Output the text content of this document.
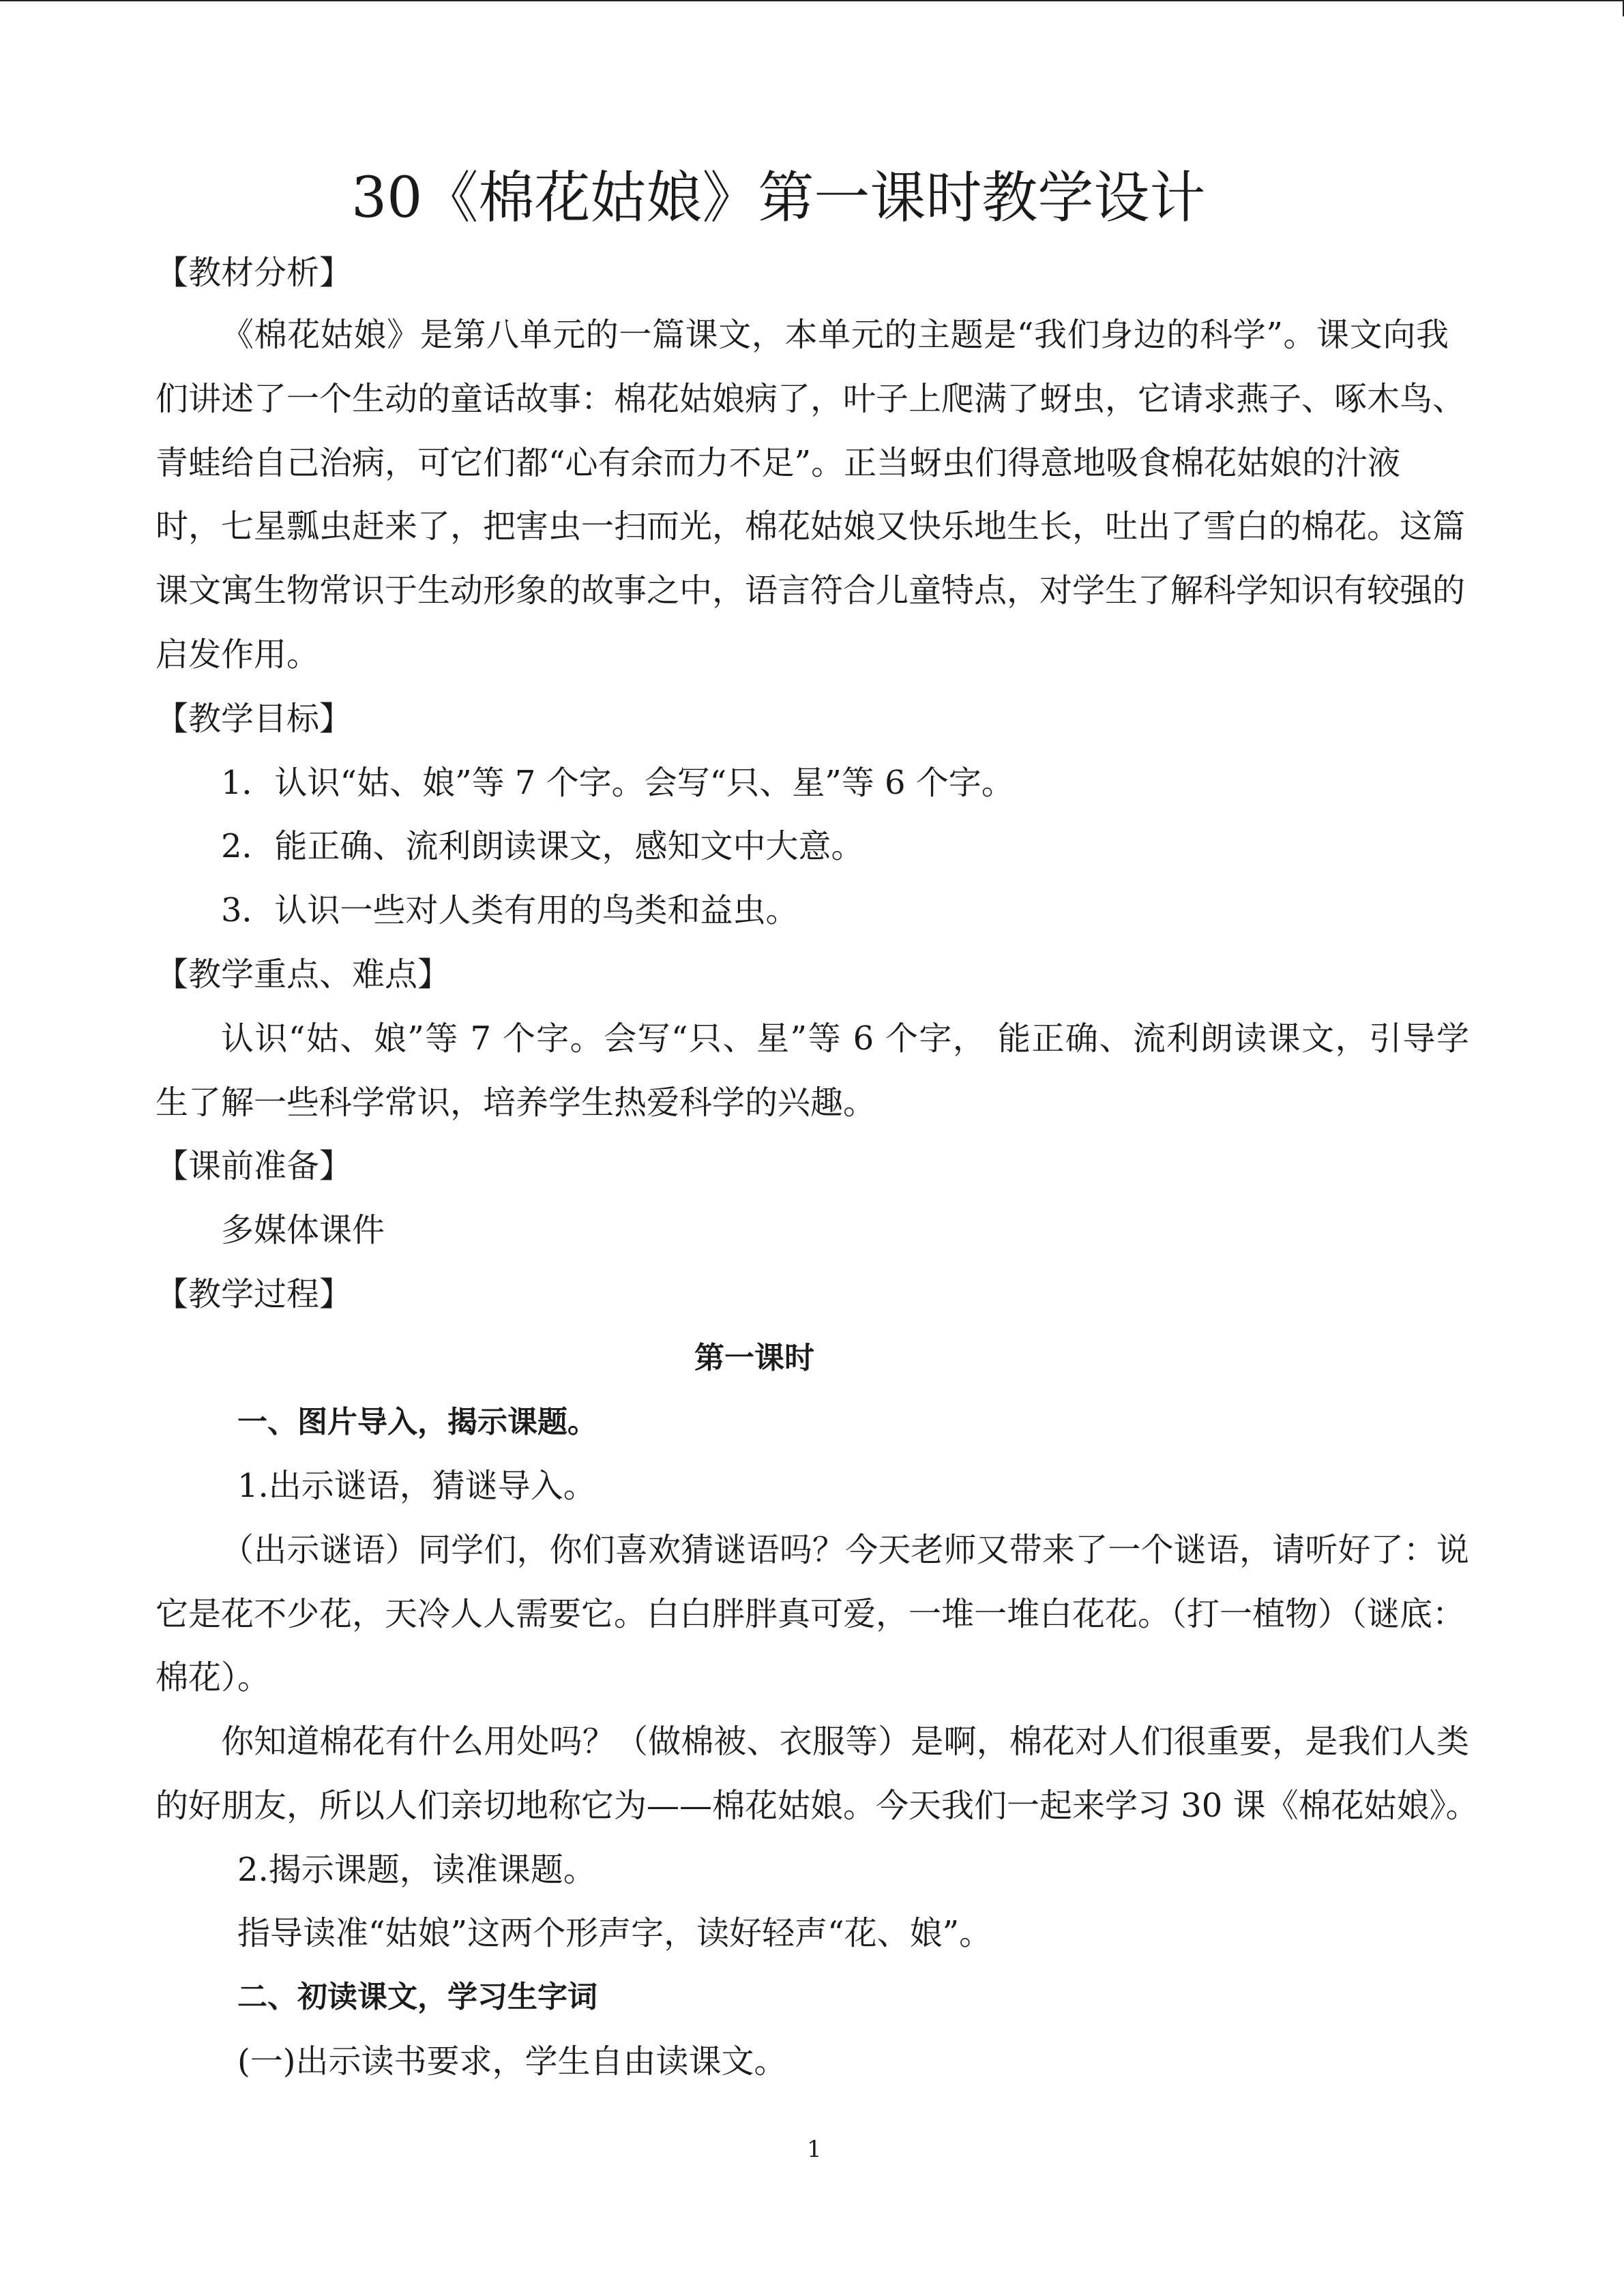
30《棉花姑娘》第一课时教学设计
【教材分析】
《棉花姑娘》是第八单元的一篇课文，本单元的主题是“我们身边的科学”。课文向我
们讲述了一个生动的童话故事：棉花姑娘病了，叶子上爬满了蚜虫，它请求燕子、啄木鸟、
青蛙给自己治病，可它们都“心有余而力不足”。正当蚜虫们得意地吸食棉花姑娘的汁液
时，七星瓢虫赶来了，把害虫一扫而光，棉花姑娘又快乐地生长，吐出了雪白的棉花。这篇
课文寓生物常识于生动形象的故事之中，语言符合儿童特点，对学生了解科学知识有较强的
启发作用。
【教学目标】
1．认识“姑、娘”等 7 个字。会写“只、星”等 6 个字。
2．能正确、流利朗读课文，感知文中大意。
3．认识一些对人类有用的鸟类和益虫。
【教学重点、难点】
认识“姑、娘”等 7 个字。会写“只、星”等 6 个字， 能正确、流利朗读课文，引导学
生了解一些科学常识，培养学生热爱科学的兴趣。
【课前准备】
多媒体课件
【教学过程】
第一课时
一、图片导入，揭示课题。
1.出示谜语，猜谜导入。
（出示谜语）同学们，你们喜欢猜谜语吗？今天老师又带来了一个谜语，请听好了：说
它是花不少花，天冷人人需要它。白白胖胖真可爱，一堆一堆白花花。（打一植物）（谜底：
棉花）。
你知道棉花有什么用处吗？（做棉被、衣服等）是啊，棉花对人们很重要，是我们人类
的好朋友，所以人们亲切地称它为——棉花姑娘。今天我们一起来学习 30 课《棉花姑娘》。
2.揭示课题，读准课题。
指导读准“姑娘”这两个形声字，读好轻声“花、娘”。
二、初读课文，学习生字词
(一)出示读书要求，学生自由读课文。
1
